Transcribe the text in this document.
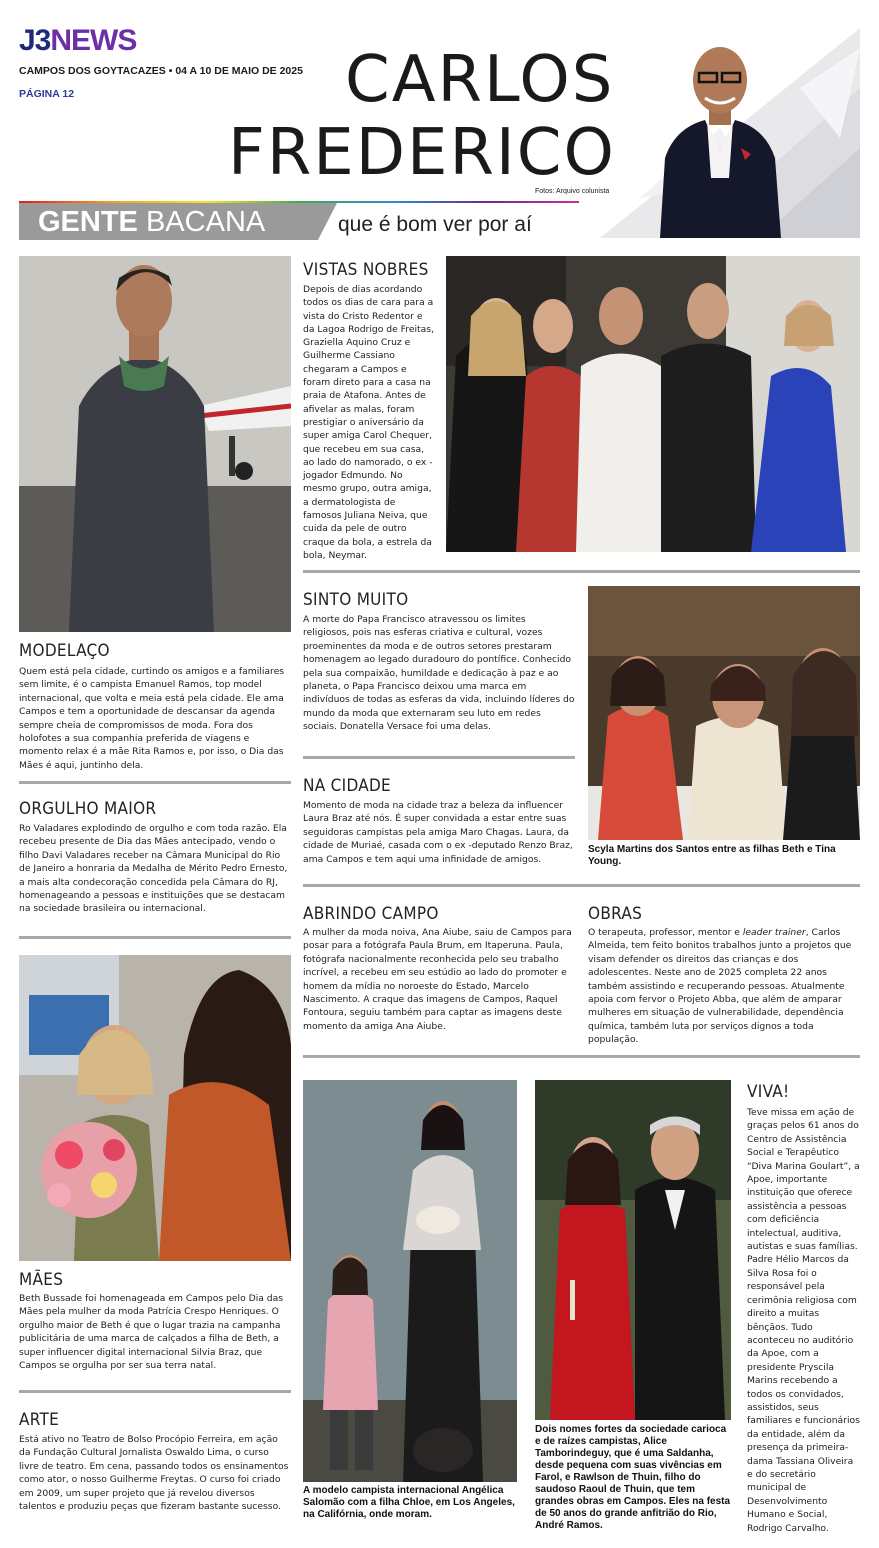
J3NEWS
CAMPOS DOS GOYTACAZES • 04 A 10 DE MAIO DE 2025
PÁGINA 12	CARLOS
FREDERICO
Fotos: Arquivo colunista
GENTE BACANA	que é bom ver por aí
MODELAÇO
Quem está pela cidade, curtindo os amigos e a familiares sem limite, é o campista Emanuel Ramos, top model internacional, que volta e meia está pela cidade. Ele ama Campos e tem a oportunidade de descansar da agenda sempre cheia de compromissos de moda. Fora dos holofotes a sua companhia preferida de viagens e momento relax é a mãe Rita Ramos e, por isso, o Dia das Mães é aqui, juntinho dela.
ORGULHO MAIOR
Ro Valadares explodindo de orgulho e com toda razão. Ela recebeu presente de Dia das Mães antecipado, vendo o filho Davi Valadares receber na Câmara Municipal do Rio de Janeiro a honraria da Medalha de Mérito Pedro Ernesto, a mais alta condecoração concedida pela Câmara do RJ, homenageando a pessoas e instituições que se destacam na sociedade brasileira ou internacional.
MÃES
Beth Bussade foi homenageada em Campos pelo Dia das Mães pela mulher da moda Patrícia Crespo Henriques. O orgulho maior de Beth é que o lugar trazia na campanha publicitária de uma marca de calçados a filha de Beth, a super influencer digital internacional Silvia Braz, que Campos se orgulha por ser sua terra natal.
ARTE
Está ativo no Teatro de Bolso Procópio Ferreira, em ação da Fundação Cultural Jornalista Oswaldo Lima, o curso livre de teatro. Em cena, passando todos os ensinamentos como ator, o nosso Guilherme Freytas. O curso foi criado em 2009, um super projeto que já revelou diversos talentos e produziu peças que fizeram bastante sucesso.
VISTAS NOBRES
Depois de dias acordando todos os dias de cara para a vista do Cristo Redentor e da Lagoa Rodrigo de Freitas, Graziella Aquino Cruz e Guilherme Cassiano chegaram a Campos e foram direto para a casa na praia de Atafona. Antes de afivelar as malas, foram prestigiar o aniversário da super amiga Carol Chequer, que recebeu em sua casa, ao lado do namorado, o ex -jogador Edmundo. No mesmo grupo, outra amiga, a dermatologista de famosos Juliana Neiva, que cuida da pele de outro craque da bola, a estrela da bola, Neymar.
SINTO MUITO
A morte do Papa Francisco atravessou os limites religiosos, pois nas esferas criativa e cultural, vozes proeminentes da moda e de outros setores prestaram homenagem ao legado duradouro do pontífice. Conhecido pela sua compaixão, humildade e dedicação à paz e ao planeta, o Papa Francisco deixou uma marca em indivíduos de todas as esferas da vida, incluindo líderes do mundo da moda que externaram seu luto em redes sociais. Donatella Versace foi uma delas.
Scyla Martins dos Santos entre as filhas Beth e Tina Young.
NA CIDADE
Momento de moda na cidade traz a beleza da influencer Laura Braz até nós. É super convidada a estar entre suas seguidoras campistas pela amiga Maro Chagas. Laura, da cidade de Muriaé, casada com o ex -deputado Renzo Braz, ama Campos e tem aqui uma infinidade de amigos.
ABRINDO CAMPO
A mulher da moda noiva, Ana Aiube, saiu de Campos para posar para a fotógrafa Paula Brum, em Itaperuna. Paula, fotógrafa nacionalmente reconhecida pelo seu trabalho incrível, a recebeu em seu estúdio ao lado do promoter e homem da mídia no noroeste do Estado, Marcelo Nascimento. A craque das imagens de Campos, Raquel Fontoura, seguiu também para captar as imagens deste momento da amiga Ana Aiube.
OBRAS
O terapeuta, professor, mentor e leader trainer, Carlos Almeida, tem feito bonitos trabalhos junto a projetos que visam defender os direitos das crianças e dos adolescentes. Neste ano de 2025 completa 22 anos também assistindo e recuperando pessoas. Atualmente apoia com fervor o Projeto Abba, que além de amparar mulheres em situação de vulnerabilidade, dependência química, também luta por serviços dignos a toda população.
A modelo campista internacional Angélica Salomão com a filha Chloe, em Los Angeles, na Califórnia, onde moram.
Dois nomes fortes da sociedade carioca e de raízes campistas, Alice Tamborindeguy, que é uma Saldanha, desde pequena com suas vivências em Farol, e Rawlson de Thuin, filho do saudoso Raoul de Thuin, que tem grandes obras em Campos. Eles na festa de 50 anos do grande anfitrião do Rio, André Ramos.
VIVA!
Teve missa em ação de graças pelos 61 anos do Centro de Assistência Social e Terapêutico “Diva Marina Goulart”, a Apoe, importante instituição que oferece assistência a pessoas com deficiência intelectual, auditiva, autistas e suas famílias. Padre Hélio Marcos da Silva Rosa foi o responsável pela cerimônia religiosa com direito a muitas bênçãos. Tudo aconteceu no auditório da Apoe, com a presidente Pryscila Marins recebendo a todos os convidados, assistidos, seus familiares e funcionários da entidade, além da presença da primeira-dama Tassiana Oliveira e do secretário municipal de Desenvolvimento Humano e Social, Rodrigo Carvalho.
